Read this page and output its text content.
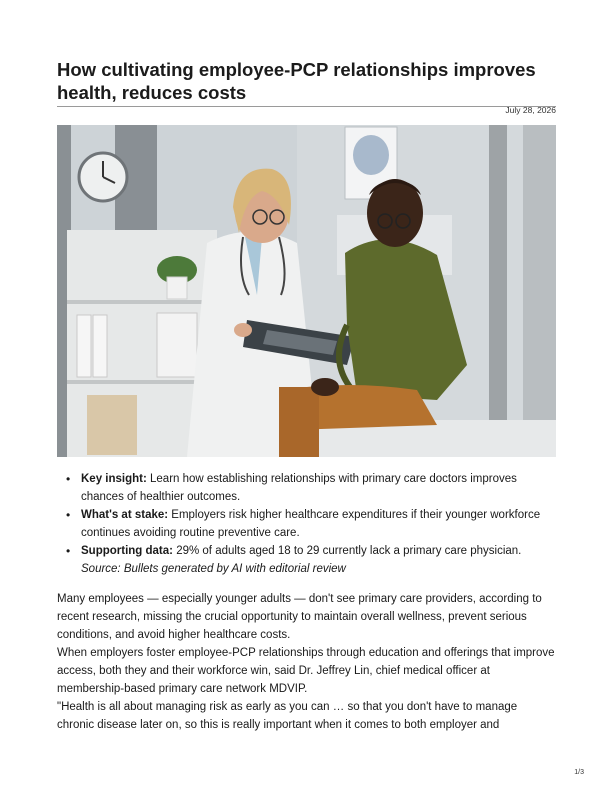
How cultivating employee-PCP relationships improves health, reduces costs
July 28, 2026
• Key insight: Learn how establishing relationships with primary care doctors improves chances of healthier outcomes.
• What's at stake: Employers risk higher healthcare expenditures if their younger workforce continues avoiding routine preventive care.
• Supporting data: 29% of adults aged 18 to 29 currently lack a primary care physician.
Source: Bullets generated by AI with editorial review

Many employees — especially younger adults — don't see primary care providers, according to recent research, missing the crucial opportunity to maintain overall wellness, prevent serious conditions, and avoid higher healthcare costs.

When employers foster employee-PCP relationships through education and offerings that improve access, both they and their workforce win, said Dr. Jeffrey Lin, chief medical officer at membership-based primary care network MDVIP.

"Health is all about managing risk as early as you can … so that you don't have to manage chronic disease later on, so this is really important when it comes to both employer and

1/3
